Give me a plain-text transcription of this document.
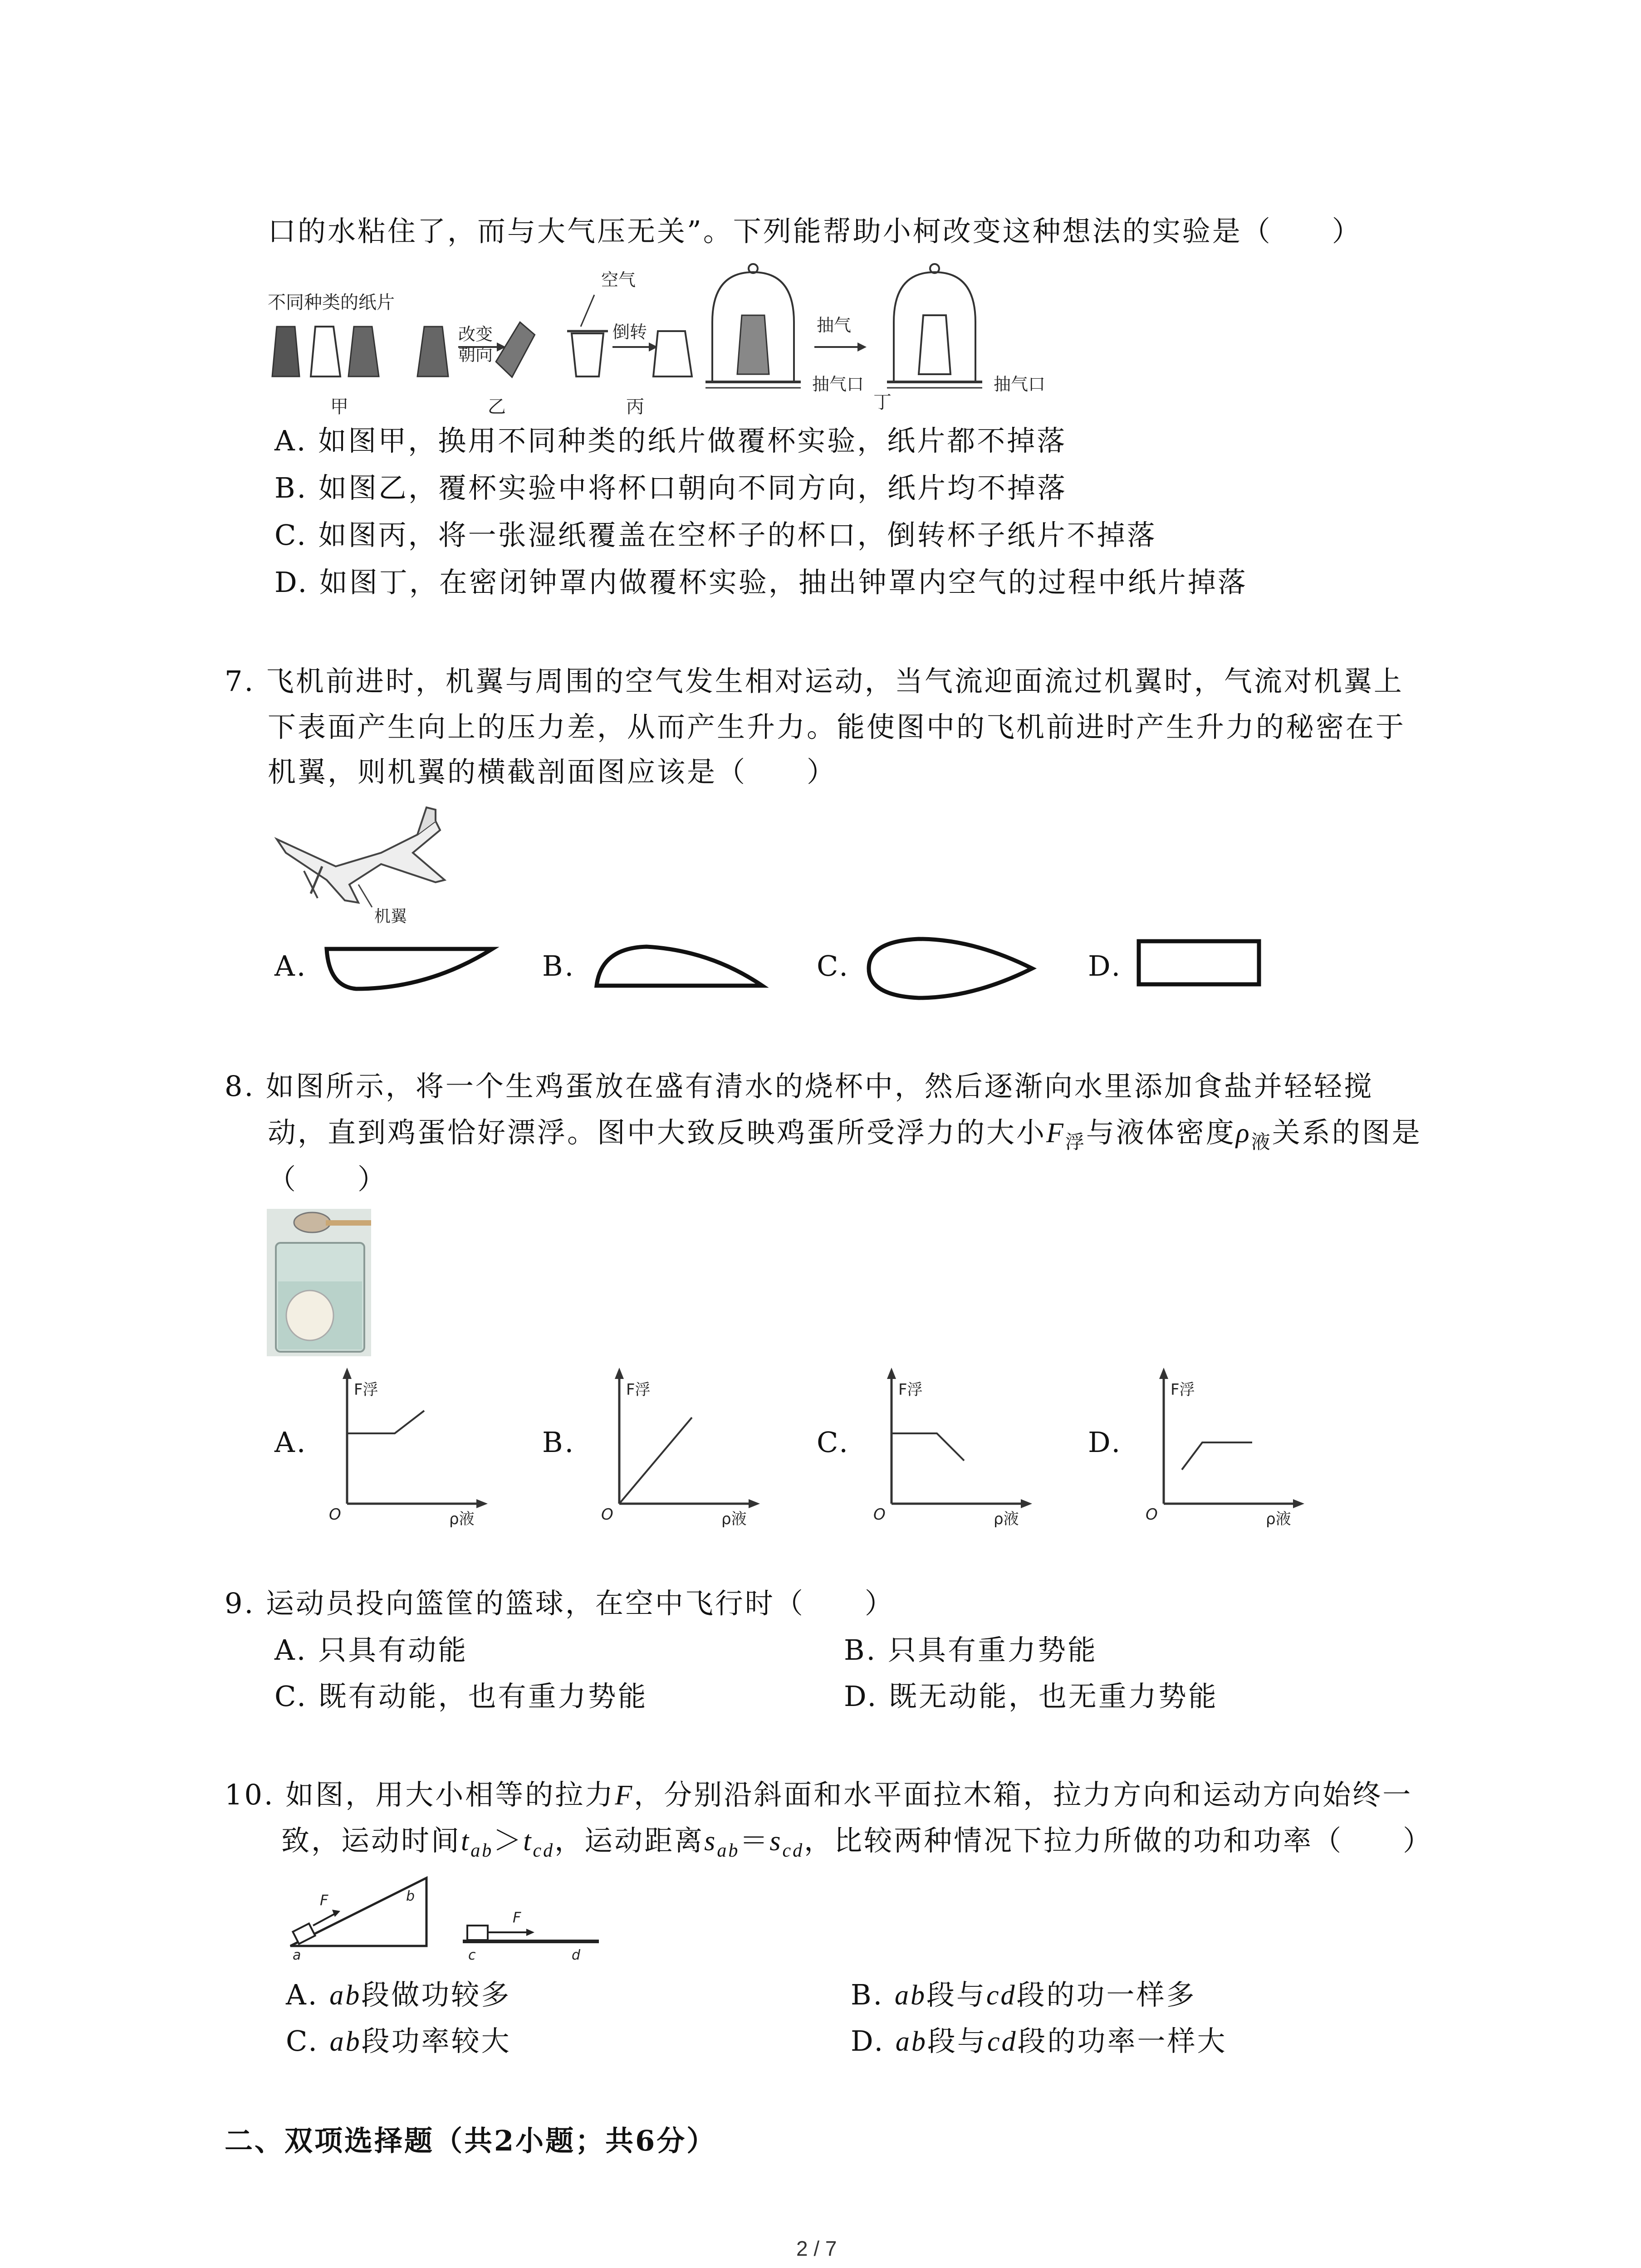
口的水粘住了，而与大气压无关”。下列能帮助小柯改变这种想法的实验是（　　）
不同种类的纸片
甲
改变
朝向
乙
空气
倒转
丙
抽气
抽气口
丁
抽气口
A. 如图甲，换用不同种类的纸片做覆杯实验，纸片都不掉落
B. 如图乙，覆杯实验中将杯口朝向不同方向，纸片均不掉落
C. 如图丙，将一张湿纸覆盖在空杯子的杯口，倒转杯子纸片不掉落
D. 如图丁，在密闭钟罩内做覆杯实验，抽出钟罩内空气的过程中纸片掉落
7. 飞机前进时，机翼与周围的空气发生相对运动，当气流迎面流过机翼时，气流对机翼上
下表面产生向上的压力差，从而产生升力。能使图中的飞机前进时产生升力的秘密在于
机翼，则机翼的横截剖面图应该是（　　）
机翼
A.	B.	C.	D.
8. 如图所示，将一个生鸡蛋放在盛有清水的烧杯中，然后逐渐向水里添加食盐并轻轻搅
动，直到鸡蛋恰好漂浮。图中大致反映鸡蛋所受浮力的大小$F_浮$与液体密度$\rho_液$关系的图是
（　　）
A.
F浮
O	ρ液
B.
F浮
O	ρ液
C.
F浮
O	ρ液
D.
F浮
O	ρ液
9. 运动员投向篮筐的篮球，在空中飞行时（　　）
A. 只具有动能	B. 只具有重力势能
C. 既有动能，也有重力势能	D. 既无动能，也无重力势能
10. 如图，用大小相等的拉力F，分别沿斜面和水平面拉木箱，拉力方向和运动方向始终一
致，运动时间$t_{ab}>t_{cd}$，运动距离$s_{ab}=s_{cd}$，比较两种情况下拉力所做的功和功率（　　）
F
a
b
F
c	d
A. ab段做功较多	B. ab段与cd段的功一样多
C. ab段功率较大	D. ab段与cd段的功率一样大
二、双项选择题（共2小题；共6分）
2 / 7
